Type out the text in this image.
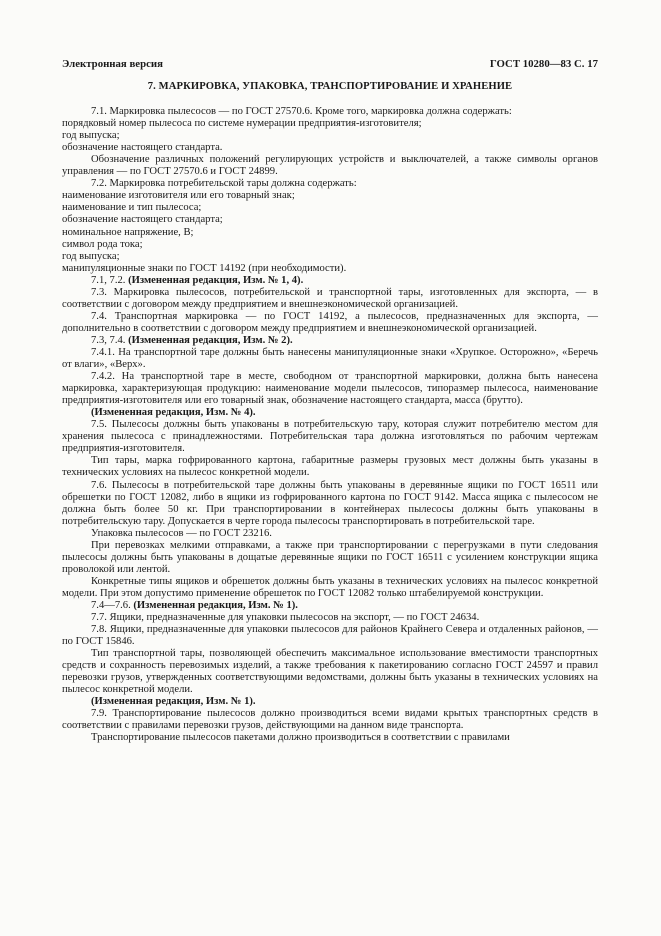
Электронная версия	ГОСТ 10280—83 С. 17
7. МАРКИРОВКА, УПАКОВКА, ТРАНСПОРТИРОВАНИЕ И ХРАНЕНИЕ

7.1. Маркировка пылесосов — по ГОСТ 27570.6. Кроме того, маркировка должна содержать:

порядковый номер пылесоса по системе нумерации предприятия-изготовителя;

год выпуска;

обозначение настоящего стандарта.

Обозначение различных положений регулирующих устройств и выключателей, а также символы органов управления — по ГОСТ 27570.6 и ГОСТ 24899.

7.2. Маркировка потребительской тары должна содержать:

наименование изготовителя или его товарный знак;

наименование и тип пылесоса;

обозначение настоящего стандарта;

номинальное напряжение, В;

символ рода тока;

год выпуска;

манипуляционные знаки по ГОСТ 14192 (при необходимости).

7.1, 7.2. (Измененная редакция, Изм. № 1, 4).

7.3. Маркировка пылесосов, потребительской и транспортной тары, изготовленных для экспорта, — в соответствии с договором между предприятием и внешнеэкономической организацией.

7.4. Транспортная маркировка — по ГОСТ 14192, а пылесосов, предназначенных для экспорта, — дополнительно в соответствии с договором между предприятием и внешнеэкономической организацией.

7.3, 7.4. (Измененная редакция, Изм. № 2).

7.4.1. На транспортной таре должны быть нанесены манипуляционные знаки «Хрупкое. Осторожно», «Беречь от влаги», «Верх».

7.4.2. На транспортной таре в месте, свободном от транспортной маркировки, должна быть нанесена маркировка, характеризующая продукцию: наименование модели пылесосов, типоразмер пылесоса, наименование предприятия-изготовителя или его товарный знак, обозначение настоящего стандарта, масса (брутто).

(Измененная редакция, Изм. № 4).

7.5. Пылесосы должны быть упакованы в потребительскую тару, которая служит потребителю местом для хранения пылесоса с принадлежностями. Потребительская тара должна изготовляться по рабочим чертежам предприятия-изготовителя.

Тип тары, марка гофрированного картона, габаритные размеры грузовых мест должны быть указаны в технических условиях на пылесос конкретной модели.

7.6. Пылесосы в потребительской таре должны быть упакованы в деревянные ящики по ГОСТ 16511 или обрешетки по ГОСТ 12082, либо в ящики из гофрированного картона по ГОСТ 9142. Масса ящика с пылесосом не должна быть более 50 кг. При транспортировании в контейнерах пылесосы должны быть упакованы в потребительскую тару. Допускается в черте города пылесосы транспортировать в потребительской таре.

Упаковка пылесосов — по ГОСТ 23216.

При перевозках мелкими отправками, а также при транспортировании с перегрузками в пути следования пылесосы должны быть упакованы в дощатые деревянные ящики по ГОСТ 16511 с усилением конструкции ящика проволокой или лентой.

Конкретные типы ящиков и обрешеток должны быть указаны в технических условиях на пылесос конкретной модели. При этом допустимо применение обрешеток по ГОСТ 12082 только штабелируемой конструкции.

7.4—7.6. (Измененная редакция, Изм. № 1).

7.7. Ящики, предназначенные для упаковки пылесосов на экспорт, — по ГОСТ 24634.

7.8. Ящики, предназначенные для упаковки пылесосов для районов Крайнего Севера и отдаленных районов, — по ГОСТ 15846.

Тип транспортной тары, позволяющей обеспечить максимальное использование вместимости транспортных средств и сохранность перевозимых изделий, а также требования к пакетированию согласно ГОСТ 24597 и правил перевозки грузов, утвержденных соответствующими ведомствами, должны быть указаны в технических условиях на пылесос конкретной модели.

(Измененная редакция, Изм. № 1).

7.9. Транспортирование пылесосов должно производиться всеми видами крытых транспортных средств в соответствии с правилами перевозки грузов, действующими на данном виде транспорта.

Транспортирование пылесосов пакетами должно производиться в соответствии с правилами
